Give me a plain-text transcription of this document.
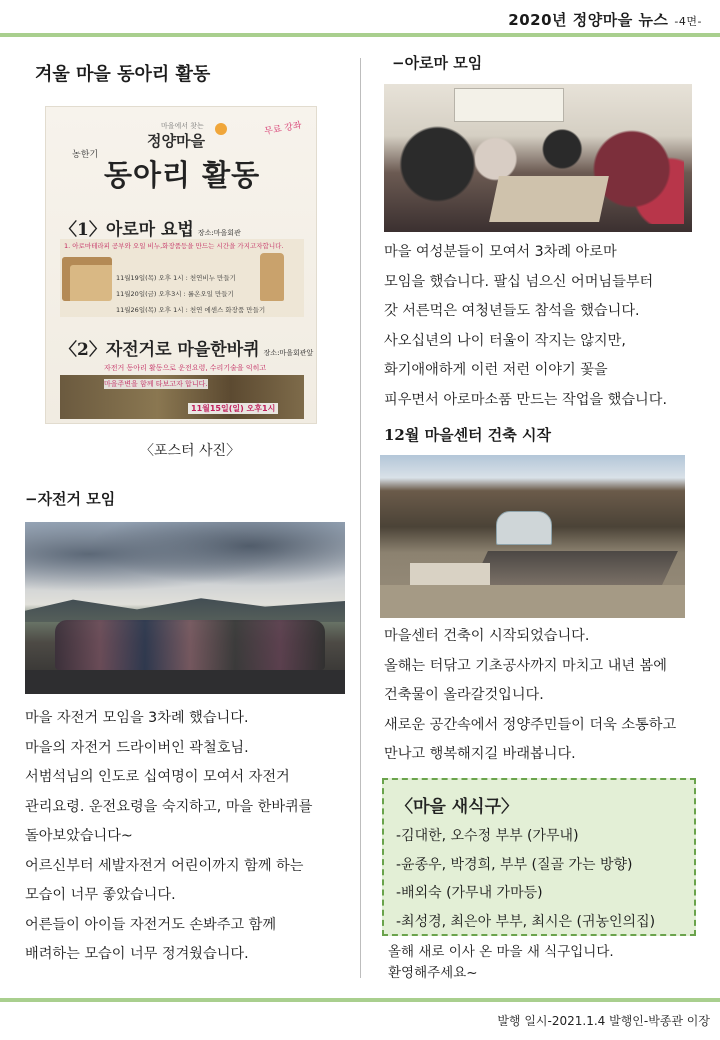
2020년 정양마을 뉴스 -4면-
겨울 마을 동아리 활동
마을에서 찾는
정양마을
무료 강좌
농한기
동아리 활동
〈1〉아로마 요법 장소:마을회관
1. 아로마테라피 공부와 오일 비누,화장품등을 만드는 시간을 가지고자합니다.
11월19일(목) 오후 1시 : 천연비누 만들기
11월20일(금) 오후3시 : 롤온오일 만들기
11월26일(목) 오후 1시 : 천연 에센스 화장품 만들기
〈2〉자전거로 마을한바퀴 장소:마을회관앞
자전거 동아리 활동으로 운전요령, 수리기술을 익히고
마을주변을 함께 타보고자 합니다.
11월15일(일) 오후1시
〈포스터 사진〉
−자전거 모임
마을 자전거 모임을 3차례 했습니다.
마을의 자전거 드라이버인 곽철호님.
서범석님의 인도로 십여명이 모여서 자전거
관리요령. 운전요령을 숙지하고, 마을 한바퀴를
돌아보았습니다~
어르신부터 세발자전거 어린이까지 함께 하는
모습이 너무 좋았습니다.
어른들이 아이들 자전거도 손봐주고 함께
배려하는 모습이 너무 정겨웠습니다.
−아로마 모임
마을 여성분들이 모여서 3차례 아로마
모임을 했습니다. 팔십 넘으신 어머님들부터
갓 서른먹은 여청년들도 참석을 했습니다.
사오십년의 나이 터울이 작지는 않지만,
화기애애하게 이런 저런 이야기 꽃을
피우면서 아로마소품 만드는 작업을 했습니다.
12월 마을센터 건축 시작
마을센터 건축이 시작되었습니다.
올해는 터닦고 기초공사까지 마치고 내년 봄에
건축물이 올라갈것입니다.
새로운 공간속에서 정양주민들이 더욱 소통하고
만나고 행복해지길 바래봅니다.
〈마을 새식구〉
-김대한, 오수정 부부 (가무내)
-윤종우, 박경희, 부부 (질골 가는 방향)
-배외숙 (가무내 가마등)
-최성경, 최은아 부부, 최시은 (귀농인의집)
올해 새로 이사 온 마을 새 식구입니다.
환영해주세요~
발행 일시-2021.1.4 발행인-박종관 이장
